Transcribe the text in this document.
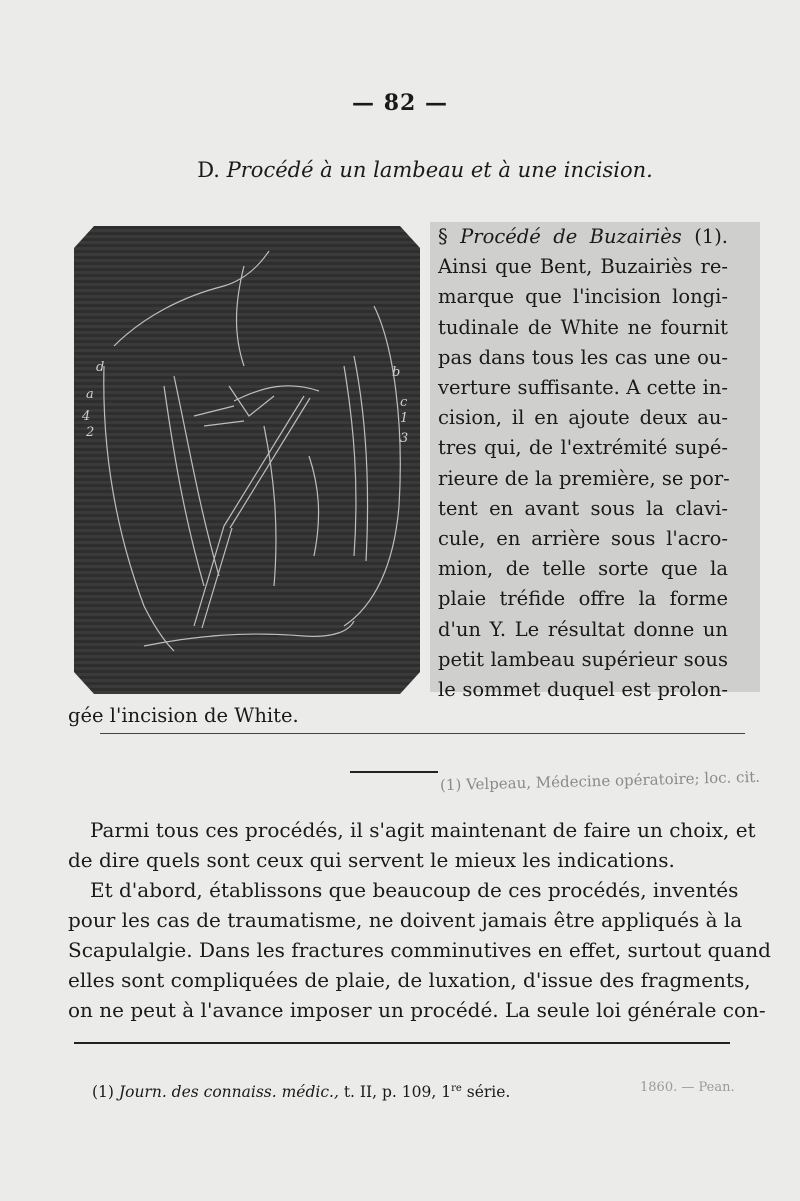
— 82 —
D. Procédé à un lambeau et à une incision.
d
a
4
2
b
c
1
3
§ Procédé de Buzairiès (1).
Ainsi que Bent, Buzairiès re-
marque que l'incision longi-
tudinale de White ne fournit
pas dans tous les cas une ou-
verture suffisante. A cette in-
cision, il en ajoute deux au-
tres qui, de l'extrémité supé-
rieure de la première, se por-
tent en avant sous la clavi-
cule, en arrière sous l'acro-
mion, de telle sorte que la
plaie tréfide offre la forme
d'un Y. Le résultat donne un
petit lambeau supérieur sous
le sommet duquel est prolon-
gée l'incision de White.
(1) Velpeau, Médecine opératoire; loc. cit.
Parmi tous ces procédés, il s'agit maintenant de faire un choix, et
de dire quels sont ceux qui servent le mieux les indications.
Et d'abord, établissons que beaucoup de ces procédés, inventés
pour les cas de traumatisme, ne doivent jamais être appliqués à la
Scapulalgie. Dans les fractures comminutives en effet, surtout quand
elles sont compliquées de plaie, de luxation, d'issue des fragments,
on ne peut à l'avance imposer un procédé. La seule loi générale con-
(1) Journ. des connaiss. médic., t. II, p. 109, 1re série.	1860. — Pean.
